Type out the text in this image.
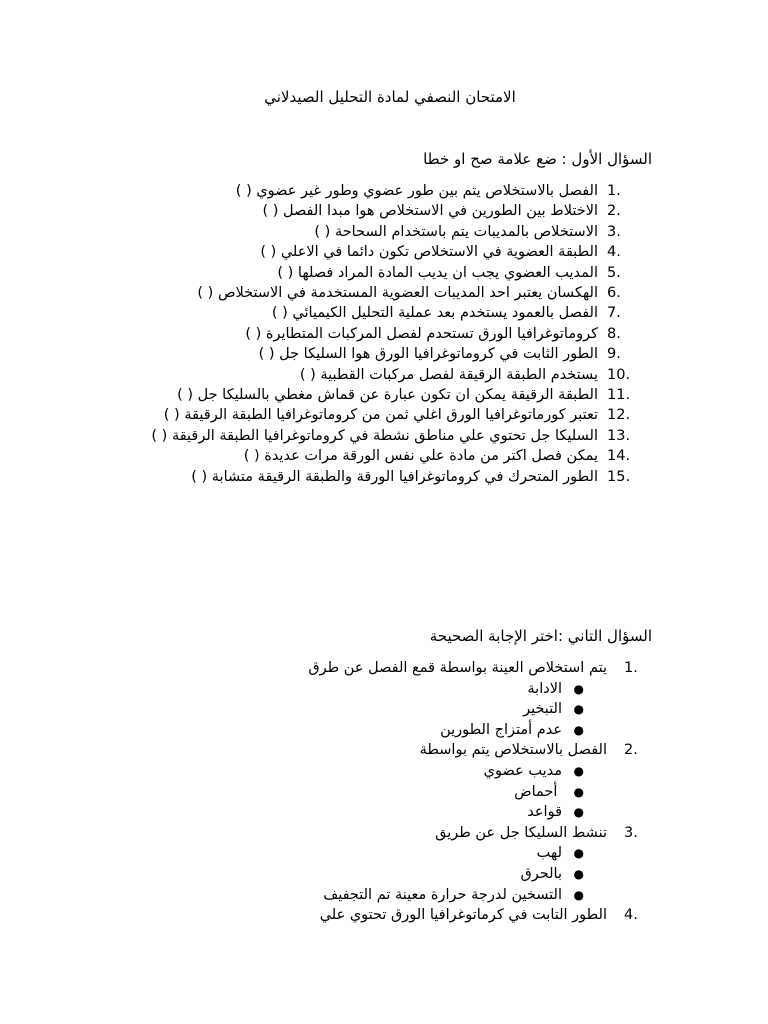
الامتحان النصفي لمادة التحليل الصيدلاني
السؤال الأول : ضع علامة صح او خطا
1.
الفصل بالاستخلاص يتم بين طور عضوي وطور غير عضوي ( )
2.
الاختلاط بين الطورين في الاستخلاص هوا مبدا الفصل ( )
3.
الاستخلاص بالمديبات يتم باستخدام السحاحة ( )
4.
الطبقة العضوية في الاستخلاص تكون دائما في الاعلي ( )
5.
المديب العضوي يجب ان يديب المادة المراد فصلها ( )
6.
الهكسان يعتبر احد المديبات العضوية المستخدمة في الاستخلاص ( )
7.
الفصل بالعمود يستخدم بعد عملية التحليل الكيميائي ( )
8.
كروماتوغرافيا الورق تستحدم لفصل المركبات المتطايرة ( )
9.
الطور الثابت في كروماتوغرافيا الورق هوا السليكا جل ( )
10.
يستخدم الطبقة الرقيقة لفصل مركبات القطبية ( )
11.
الطبقة الرقيقة يمكن ان تكون عبارة عن قماش مغطي بالسليكا جل ( )
12.
تعتبر كورماتوغرافيا الورق اغلي ثمن من كروماتوغرافيا الطبقة الرقيقة ( )
13.
السليكا جل تحتوي علي مناطق نشطة في كروماتوغرافيا الطبقة الرقيقة ( )
14.
يمكن فصل اكتر من مادة علي نفس الورقة مرات عديدة ( )
15.
الطور المتحرك في كروماتوغرافيا الورقة والطبقة الرقيقة متشابة ( )
السؤال التاني :اختر الإجابة الصحيحة
1.
يتم استخلاص العينة بواسطة قمع الفصل عن طرق
●
الادابة
●
التبخير
●
عدم أمتزاج الطورين
2.
الفصل بالاستخلاص يتم بواسطة
●
مديب عضوي
●
أحماض
●
قواعد
3.
تنشط السليكا جل عن طريق
●
لهب
●
بالحرق
●
التسخين لدرجة حرارة معينة تم التجفيف
4.
الطور التابت في كرماتوغرافيا الورق تحتوي علي
